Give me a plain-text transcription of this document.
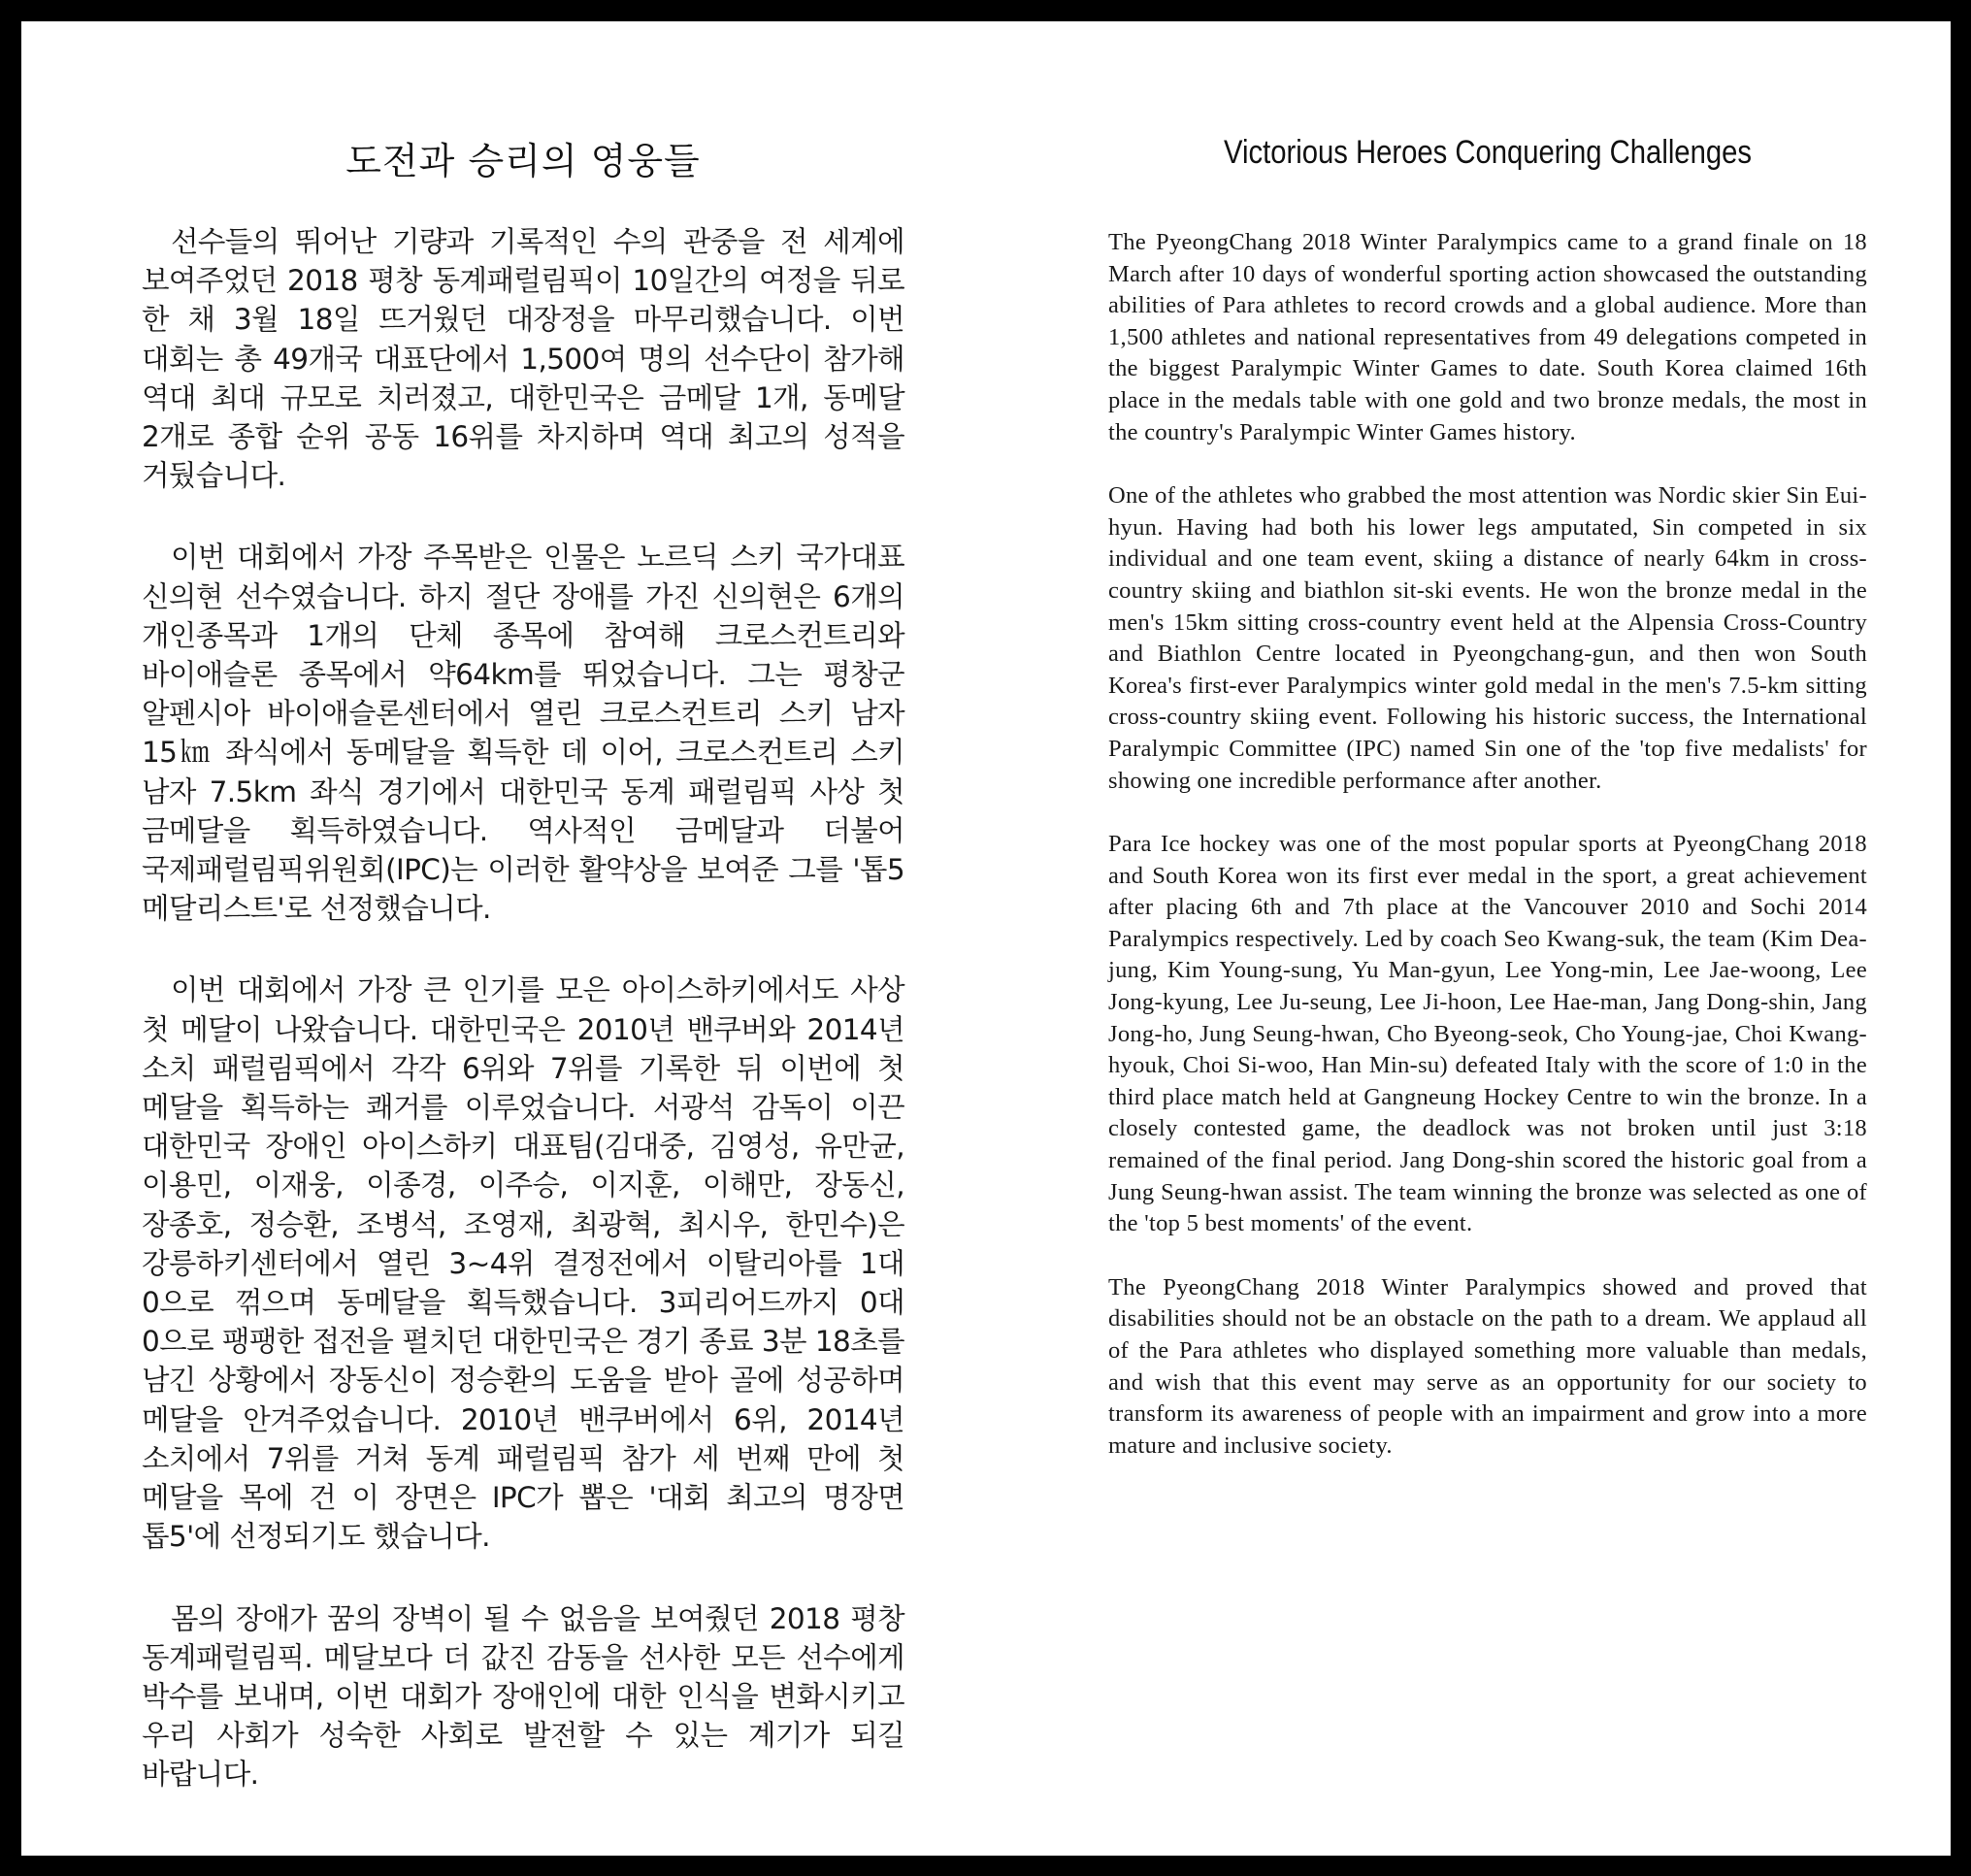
도전과 승리의 영웅들

선수들의 뛰어난 기량과 기록적인 수의 관중을 전 세계에 보여주었던 2018 평창 동계패럴림픽이 10일간의 여정을 뒤로 한 채 3월 18일 뜨거웠던 대장정을 마무리했습니다. 이번 대회는 총 49개국 대표단에서 1,500여 명의 선수단이 참가해 역대 최대 규모로 치러졌고, 대한민국은 금메달 1개, 동메달 2개로 종합 순위 공동 16위를 차지하며 역대 최고의 성적을 거뒀습니다.

이번 대회에서 가장 주목받은 인물은 노르딕 스키 국가대표 신의현 선수였습니다. 하지 절단 장애를 가진 신의현은 6개의 개인종목과 1개의 단체 종목에 참여해 크로스컨트리와 바이애슬론 종목에서 약64km를 뛰었습니다. 그는 평창군 알펜시아 바이애슬론센터에서 열린 크로스컨트리 스키 남자 15㎞ 좌식에서 동메달을 획득한 데 이어, 크로스컨트리 스키 남자 7.5km 좌식 경기에서 대한민국 동계 패럴림픽 사상 첫 금메달을 획득하였습니다. 역사적인 금메달과 더불어 국제패럴림픽위원회(IPC)는 이러한 활약상을 보여준 그를 '톱5 메달리스트'로 선정했습니다.

이번 대회에서 가장 큰 인기를 모은 아이스하키에서도 사상 첫 메달이 나왔습니다. 대한민국은 2010년 밴쿠버와 2014년 소치 패럴림픽에서 각각 6위와 7위를 기록한 뒤 이번에 첫 메달을 획득하는 쾌거를 이루었습니다. 서광석 감독이 이끈 대한민국 장애인 아이스하키 대표팀(김대중, 김영성, 유만균, 이용민, 이재웅, 이종경, 이주승, 이지훈, 이해만, 장동신, 장종호, 정승환, 조병석, 조영재, 최광혁, 최시우, 한민수)은 강릉하키센터에서 열린 3~4위 결정전에서 이탈리아를 1대 0으로 꺾으며 동메달을 획득했습니다. 3피리어드까지 0대 0으로 팽팽한 접전을 펼치던 대한민국은 경기 종료 3분 18초를 남긴 상황에서 장동신이 정승환의 도움을 받아 골에 성공하며 메달을 안겨주었습니다. 2010년 밴쿠버에서 6위, 2014년 소치에서 7위를 거쳐 동계 패럴림픽 참가 세 번째 만에 첫 메달을 목에 건 이 장면은 IPC가 뽑은 '대회 최고의 명장면 톱5'에 선정되기도 했습니다.

몸의 장애가 꿈의 장벽이 될 수 없음을 보여줬던 2018 평창 동계패럴림픽. 메달보다 더 값진 감동을 선사한 모든 선수에게 박수를 보내며, 이번 대회가 장애인에 대한 인식을 변화시키고 우리 사회가 성숙한 사회로 발전할 수 있는 계기가 되길 바랍니다.

Victorious Heroes Conquering Challenges

The PyeongChang 2018 Winter Paralympics came to a grand finale on 18 March after 10 days of wonderful sporting action showcased the outstanding abilities of Para athletes to record crowds and a global audience. More than 1,500 athletes and national representatives from 49 delegations competed in the biggest Paralympic Winter Games to date. South Korea claimed 16th place in the medals table with one gold and two bronze medals, the most in the country's Paralympic Winter Games history.

One of the athletes who grabbed the most attention was Nordic skier Sin Eui-hyun. Having had both his lower legs amputated, Sin competed in six individual and one team event, skiing a distance of nearly 64km in cross-country skiing and biathlon sit-ski events. He won the bronze medal in the men's 15km sitting cross-country event held at the Alpensia Cross-Country and Biathlon Centre located in Pyeongchang-gun, and then won South Korea's first-ever Paralympics winter gold medal in the men's 7.5-km sitting cross-country skiing event. Following his historic success, the International Paralympic Committee (IPC) named Sin one of the 'top five medalists' for showing one incredible performance after another.

Para Ice hockey was one of the most popular sports at PyeongChang 2018 and South Korea won its first ever medal in the sport, a great achievement after placing 6th and 7th place at the Vancouver 2010 and Sochi 2014 Paralympics respectively. Led by coach Seo Kwang-suk, the team (Kim Dea-jung, Kim Young-sung, Yu Man-gyun, Lee Yong-min, Lee Jae-woong, Lee Jong-kyung, Lee Ju-seung, Lee Ji-hoon, Lee Hae-man, Jang Dong-shin, Jang Jong-ho, Jung Seung-hwan, Cho Byeong-seok, Cho Young-jae, Choi Kwang-hyouk, Choi Si-woo, Han Min-su) defeated Italy with the score of 1:0 in the third place match held at Gangneung Hockey Centre to win the bronze. In a closely contested game, the deadlock was not broken until just 3:18 remained of the final period. Jang Dong-shin scored the historic goal from a Jung Seung-hwan assist. The team winning the bronze was selected as one of the 'top 5 best moments' of the event.

The PyeongChang 2018 Winter Paralympics showed and proved that disabilities should not be an obstacle on the path to a dream. We applaud all of the Para athletes who displayed something more valuable than medals, and wish that this event may serve as an opportunity for our society to transform its awareness of people with an impairment and grow into a more mature and inclusive society.
